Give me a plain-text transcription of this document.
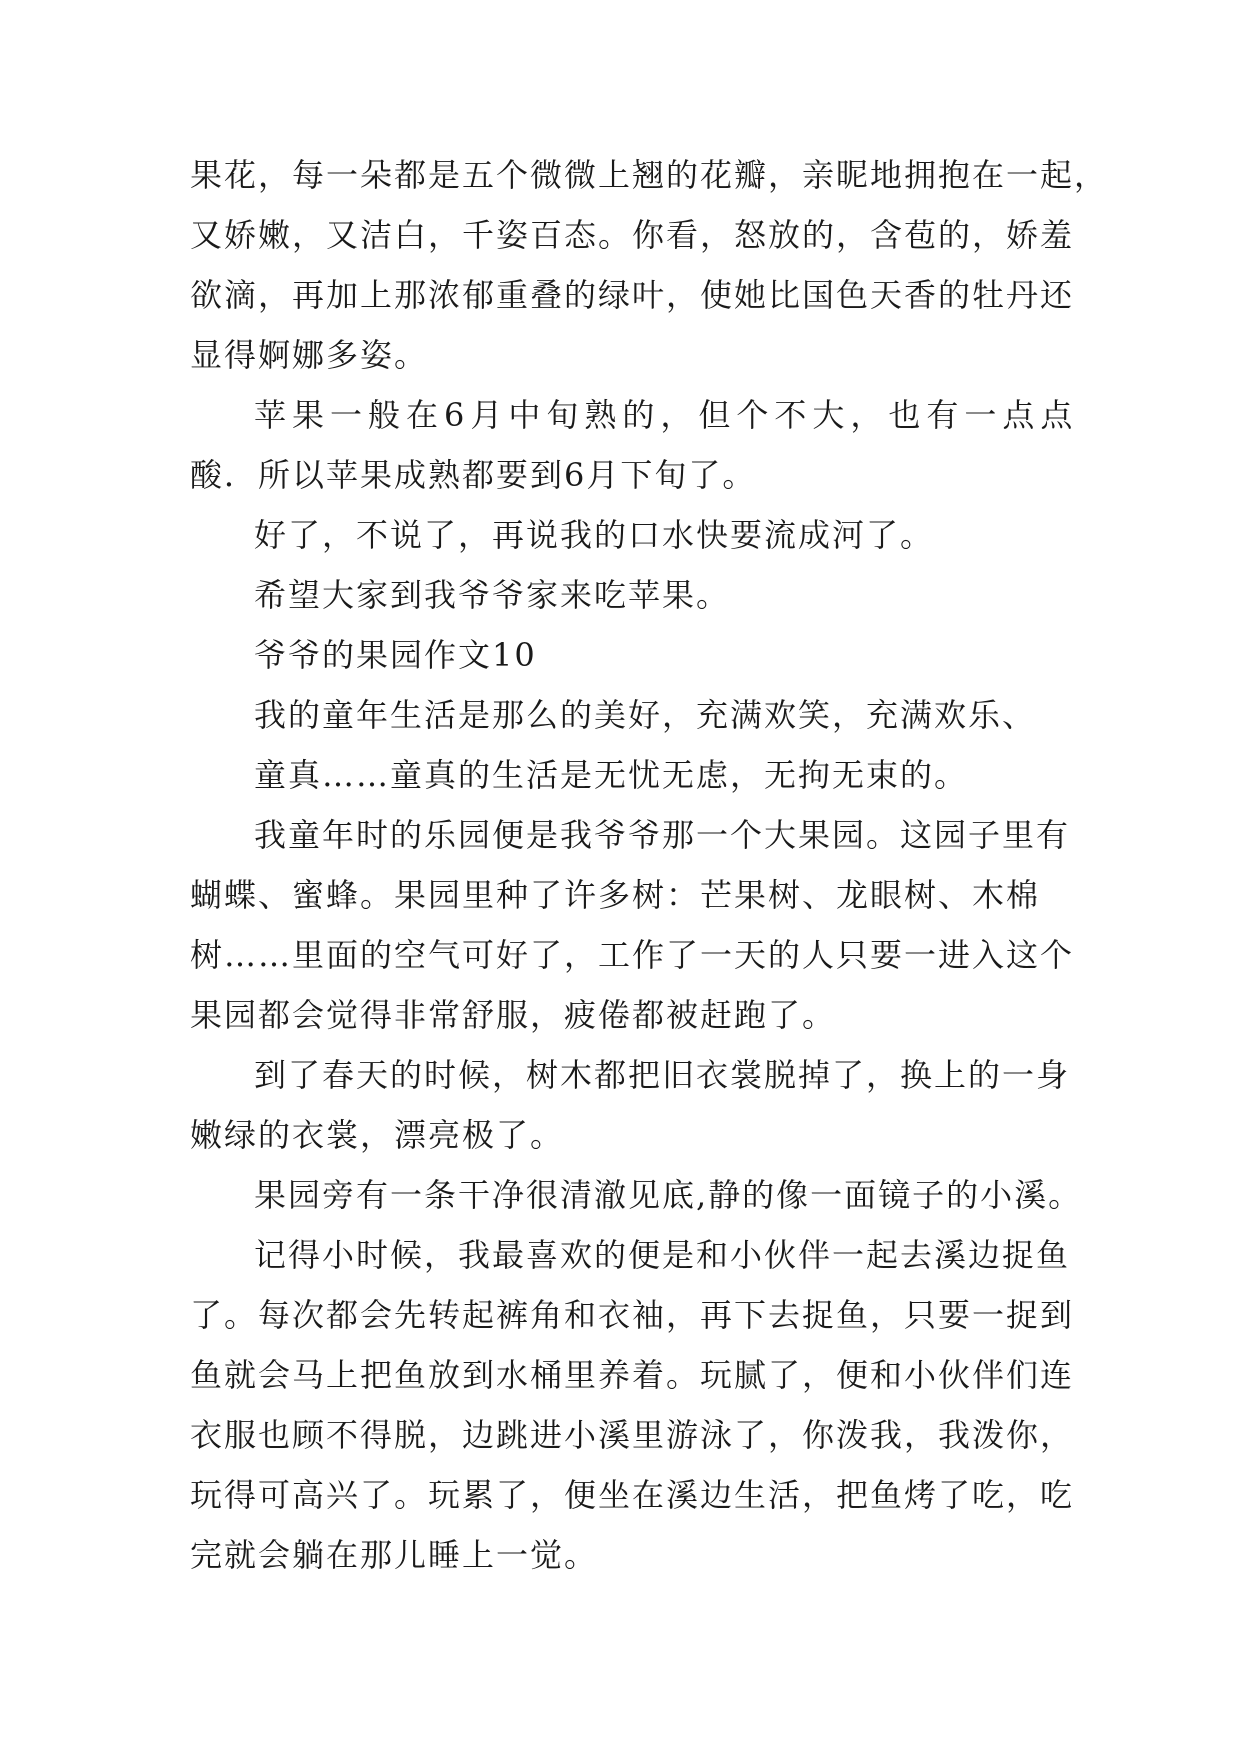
果花，每一朵都是五个微微上翘的花瓣，亲昵地拥抱在一起，
又娇嫩，又洁白，千姿百态。你看，怒放的，含苞的，娇羞
欲滴，再加上那浓郁重叠的绿叶，使她比国色天香的牡丹还
显得婀娜多姿。
苹果一般在6月中旬熟的，但个不大，也有一点点
酸．所以苹果成熟都要到6月下旬了。
好了，不说了，再说我的口水快要流成河了。
希望大家到我爷爷家来吃苹果。
爷爷的果园作文10
我的童年生活是那么的美好，充满欢笑，充满欢乐、
童真……童真的生活是无忧无虑，无拘无束的。
我童年时的乐园便是我爷爷那一个大果园。这园子里有
蝴蝶、蜜蜂。果园里种了许多树：芒果树、龙眼树、木棉
树……里面的空气可好了，工作了一天的人只要一进入这个
果园都会觉得非常舒服，疲倦都被赶跑了。
到了春天的时候，树木都把旧衣裳脱掉了，换上的一身
嫩绿的衣裳，漂亮极了。
果园旁有一条干净很清澈见底,静的像一面镜子的小溪。
记得小时候，我最喜欢的便是和小伙伴一起去溪边捉鱼
了。每次都会先转起裤角和衣袖，再下去捉鱼，只要一捉到
鱼就会马上把鱼放到水桶里养着。玩腻了，便和小伙伴们连
衣服也顾不得脱，边跳进小溪里游泳了，你泼我，我泼你，
玩得可高兴了。玩累了，便坐在溪边生活，把鱼烤了吃，吃
完就会躺在那儿睡上一觉。
